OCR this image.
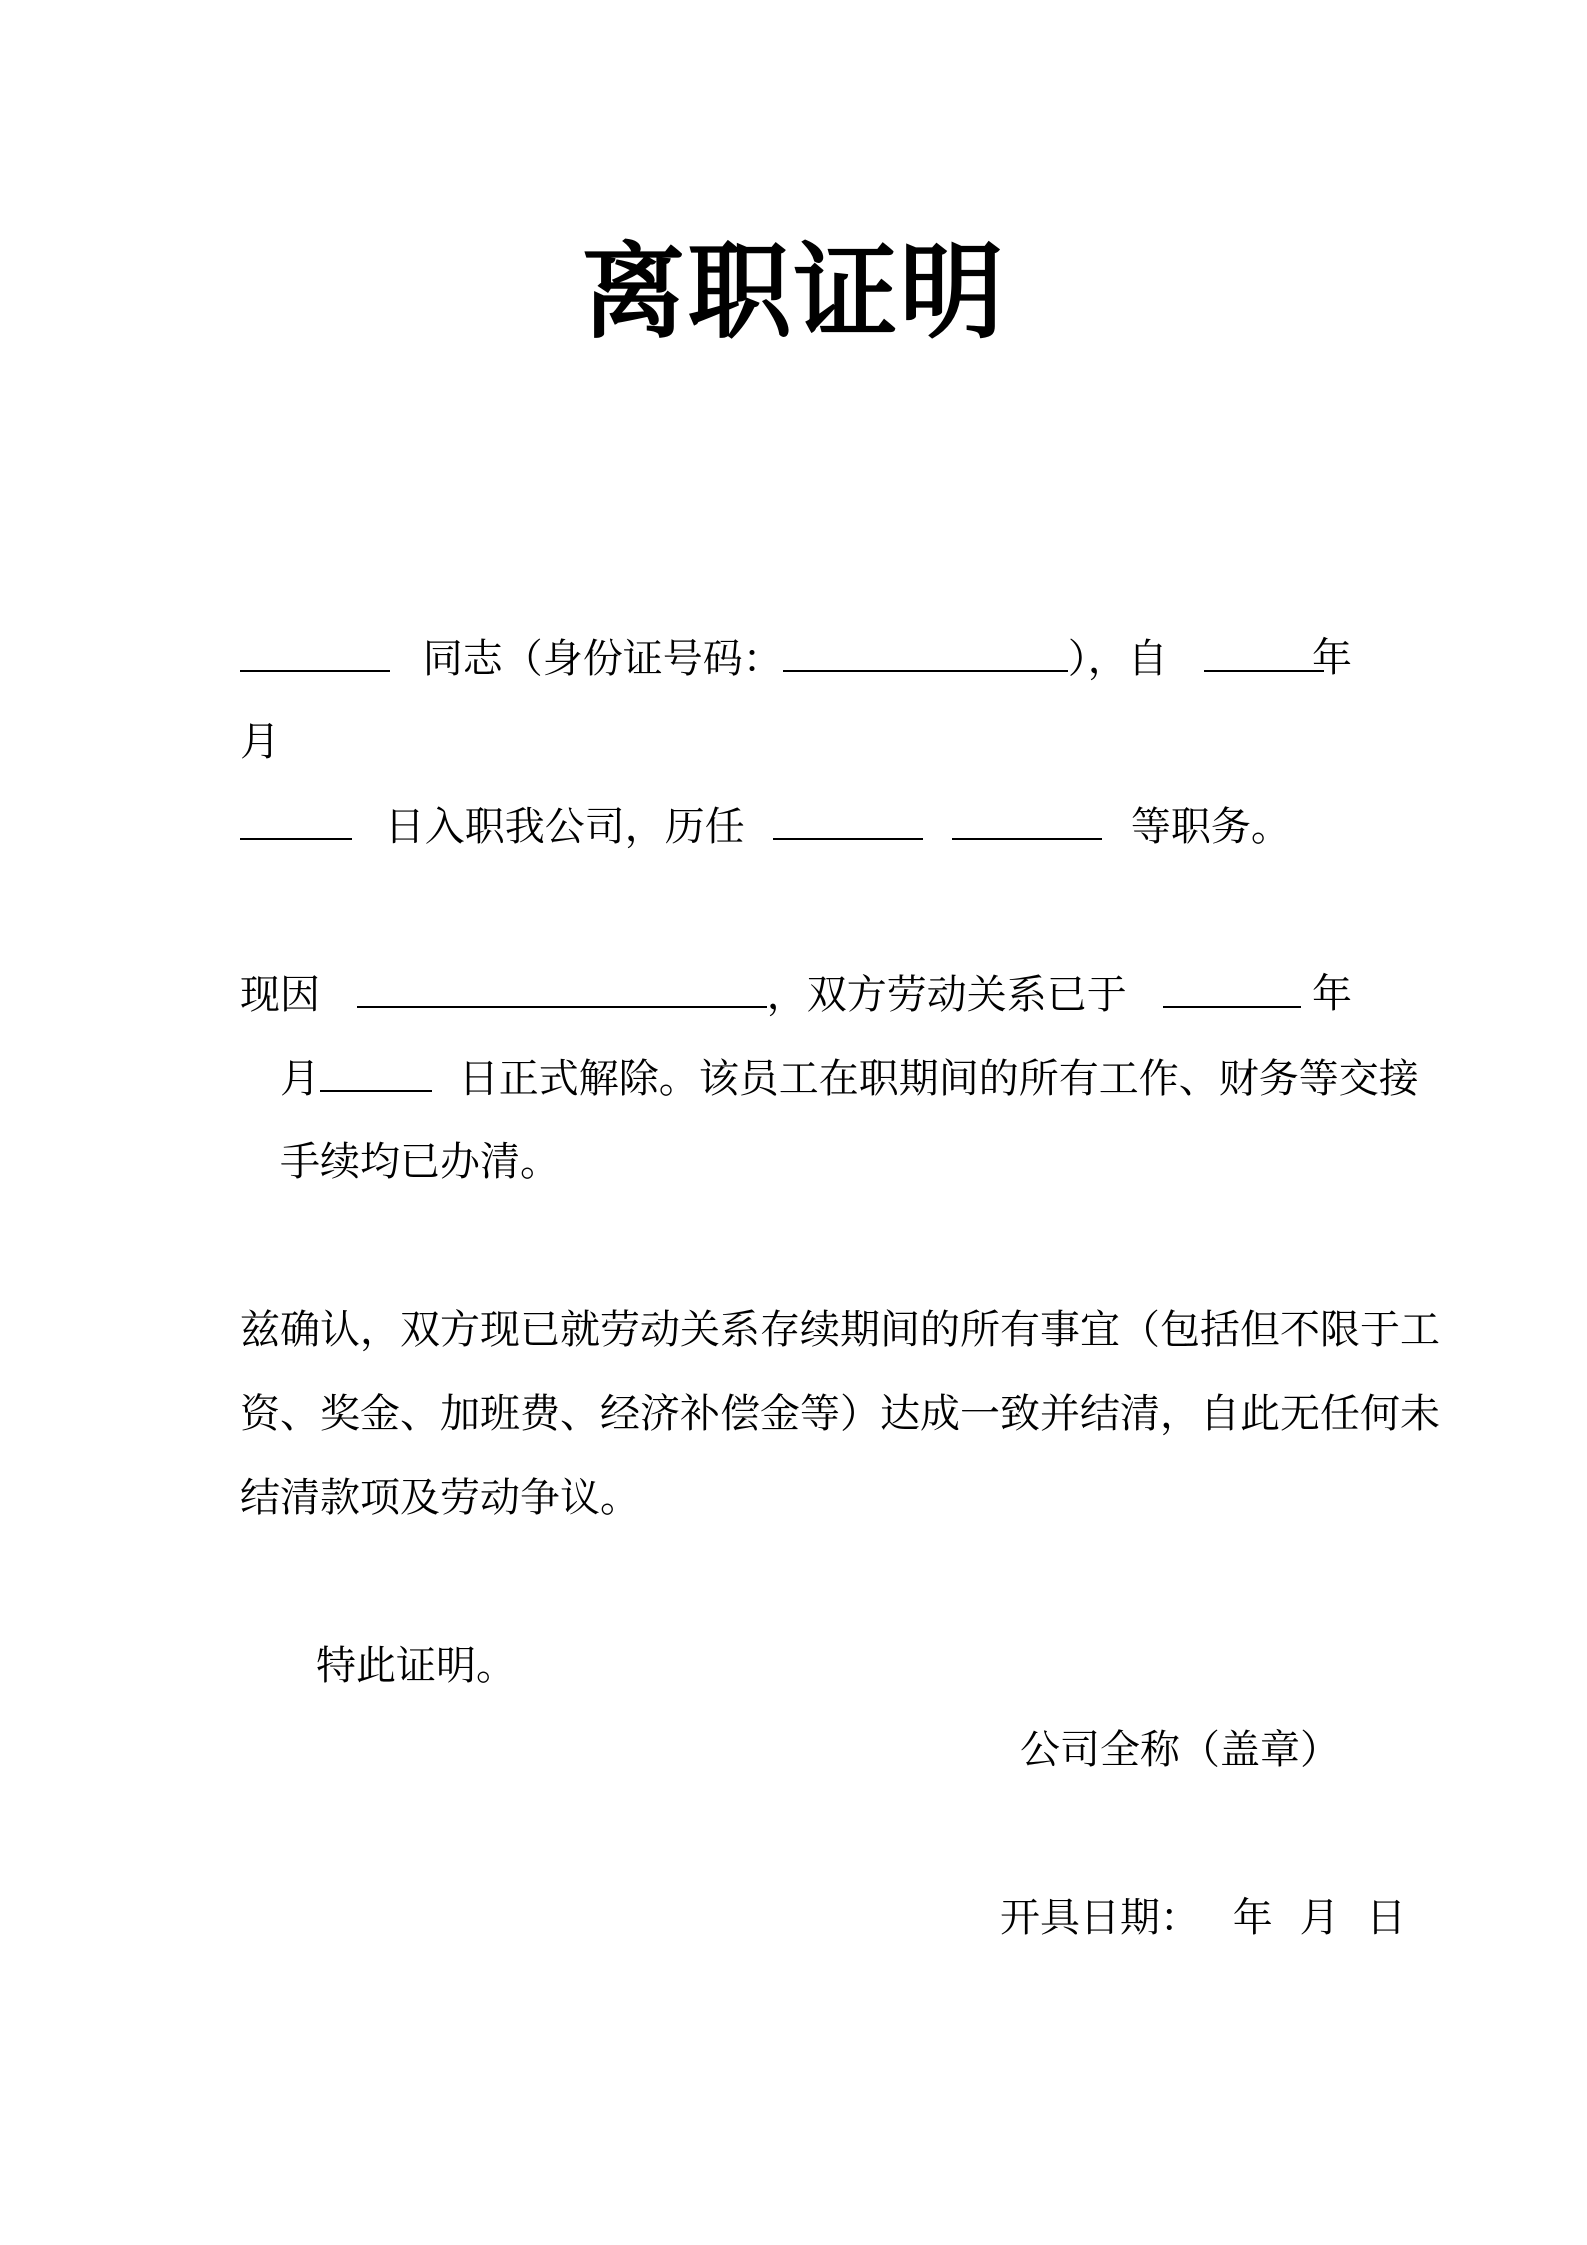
离职证明
同志（身份证号码：	），自	年
月
日入职我公司，历任	等职务。
现因	，双方劳动关系已于	年
月	日正式解除。该员工在职期间的所有工作、财务等交接
手续均已办清。
兹确认，双方现已就劳动关系存续期间的所有事宜（包括但不限于工
资、奖金、加班费、经济补偿金等）达成一致并结清，自此无任何未
结清款项及劳动争议。
特此证明。
公司全称（盖章）
开具日期： 年 月 日
